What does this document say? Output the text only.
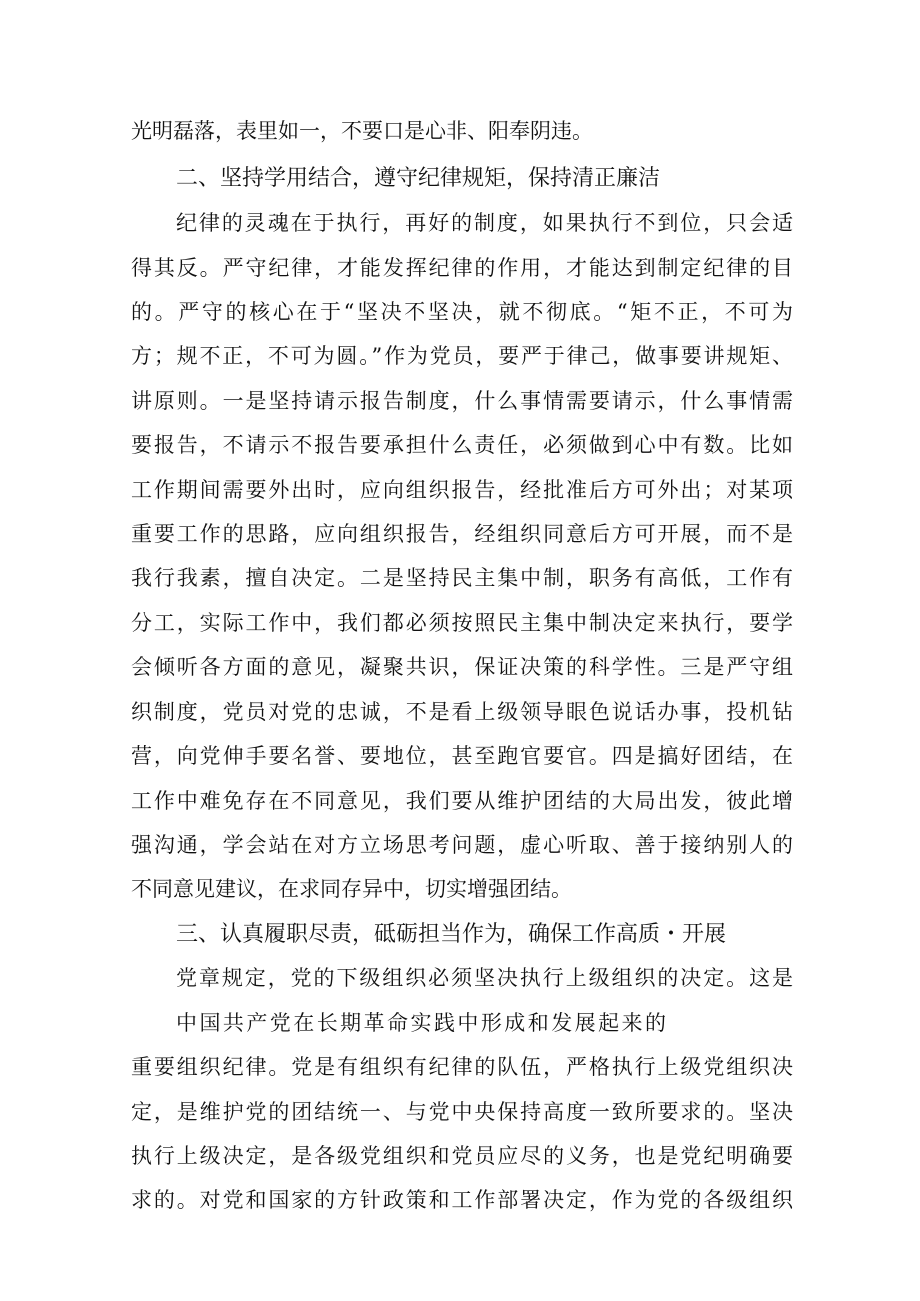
光明磊落，表里如一，不要口是心非、阳奉阴违。
二、坚持学用结合，遵守纪律规矩，保持清正廉洁
纪律的灵魂在于执行，再好的制度，如果执行不到位，只会适
得其反。严守纪律，才能发挥纪律的作用，才能达到制定纪律的目
的。严守的核心在于“坚决不坚决，就不彻底。“矩不正，不可为
方；规不正，不可为圆。”作为党员，要严于律己，做事要讲规矩、
讲原则。一是坚持请示报告制度，什么事情需要请示，什么事情需
要报告，不请示不报告要承担什么责任，必须做到心中有数。比如
工作期间需要外出时，应向组织报告，经批准后方可外出；对某项
重要工作的思路，应向组织报告，经组织同意后方可开展，而不是
我行我素，擅自决定。二是坚持民主集中制，职务有高低，工作有
分工，实际工作中，我们都必须按照民主集中制决定来执行，要学
会倾听各方面的意见，凝聚共识，保证决策的科学性。三是严守组
织制度，党员对党的忠诚，不是看上级领导眼色说话办事，投机钻
营，向党伸手要名誉、要地位，甚至跑官要官。四是搞好团结，在
工作中难免存在不同意见，我们要从维护团结的大局出发，彼此增
强沟通，学会站在对方立场思考问题，虚心听取、善于接纳别人的
不同意见建议，在求同存异中，切实增强团结。
三、认真履职尽责，砥砺担当作为，确保工作高质・开展
党章规定，党的下级组织必须坚决执行上级组织的决定。这是
中国共产党在长期革命实践中形成和发展起来的
重要组织纪律。党是有组织有纪律的队伍，严格执行上级党组织决
定，是维护党的团结统一、与党中央保持高度一致所要求的。坚决
执行上级决定，是各级党组织和党员应尽的义务，也是党纪明确要
求的。对党和国家的方针政策和工作部署决定，作为党的各级组织
